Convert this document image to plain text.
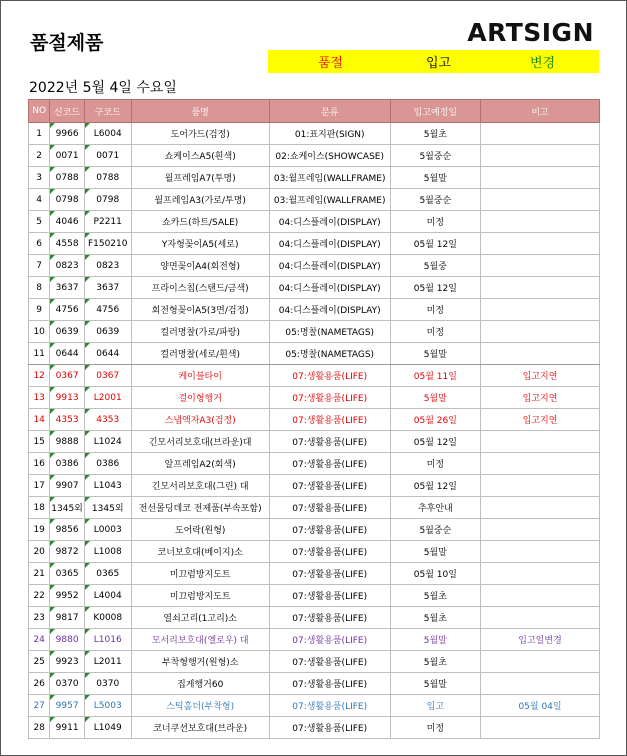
품절제품	ARTSIGN
품절	입고	변경
2022년 5월 4일 수요일
NO	신코드	구코드	품명	분류	입고예정일	비고
1	9966	L6004	도어가드(검정)	01:표지판(SIGN)	5월초	
2	0071	0071	쇼케이스A5(흰색)	02:쇼케이스(SHOWCASE)	5월중순	
3	0788	0788	월프레임A7(투명)	03:월프레임(WALLFRAME)	5월말	
4	0798	0798	월프레임A3(가로/투명)	03:월프레임(WALLFRAME)	5월중순	
5	4046	P2211	쇼카드(하트/SALE)	04:디스플레이(DISPLAY)	미정	
6	4558	F150210	Y자형꽂이A5(세로)	04:디스플레이(DISPLAY)	05월 12일	
7	0823	0823	양면꽂이A4(회전형)	04:디스플레이(DISPLAY)	5월중	
8	3637	3637	프라이스칩(스탠드/금색)	04:디스플레이(DISPLAY)	05월 12일	
9	4756	4756	회전형꽂이A5(3면/검정)	04:디스플레이(DISPLAY)	미정	
10	0639	0639	컬러명찰(가로/파랑)	05:명찰(NAMETAGS)	미정	
11	0644	0644	컬러명찰(세로/흰색)	05:명찰(NAMETAGS)	5월말	
12	0367	0367	케이블타이	07:생활용품(LIFE)	05월 11일	입고지연
13	9913	L2001	걸이형행거	07:생활용품(LIFE)	5월말	입고지연
14	4353	4353	스냅액자A3(검정)	07:생활용품(LIFE)	05월 26일	입고지연
15	9888	L1024	긴모서리보호대(브라운)대	07:생활용품(LIFE)	05월 12일	
16	0386	0386	알프레임A2(회색)	07:생활용품(LIFE)	미정	
17	9907	L1043	긴모서리보호대(그린) 대	07:생활용품(LIFE)	05월 12일	
18	1345외	1345외	전선몰딩데코 전제품(부속포함)	07:생활용품(LIFE)	추후안내	
19	9856	L0003	도어락(원형)	07:생활용품(LIFE)	5월중순	
20	9872	L1008	코너보호대(베이지)소	07:생활용품(LIFE)	5월말	
21	0365	0365	미끄럼방지도트	07:생활용품(LIFE)	05월 10일	
22	9952	L4004	미끄럼방지도트	07:생활용품(LIFE)	5월초	
23	9817	K0008	열쇠고리(1고리)소	07:생활용품(LIFE)	5월초	
24	9880	L1016	모서리보호대(옐로우) 대	07:생활용품(LIFE)	5월말	입고일변경
25	9923	L2011	부착형행거(원형)소	07:생활용품(LIFE)	5월초	
26	0370	0370	집게행거60	07:생활용품(LIFE)	5월말	
27	9957	L5003	스틱홀더(부착형)	07:생활용품(LIFE)	입고	05월 04일
28	9911	L1049	코너쿠션보호대(브라운)	07:생활용품(LIFE)	미정	
